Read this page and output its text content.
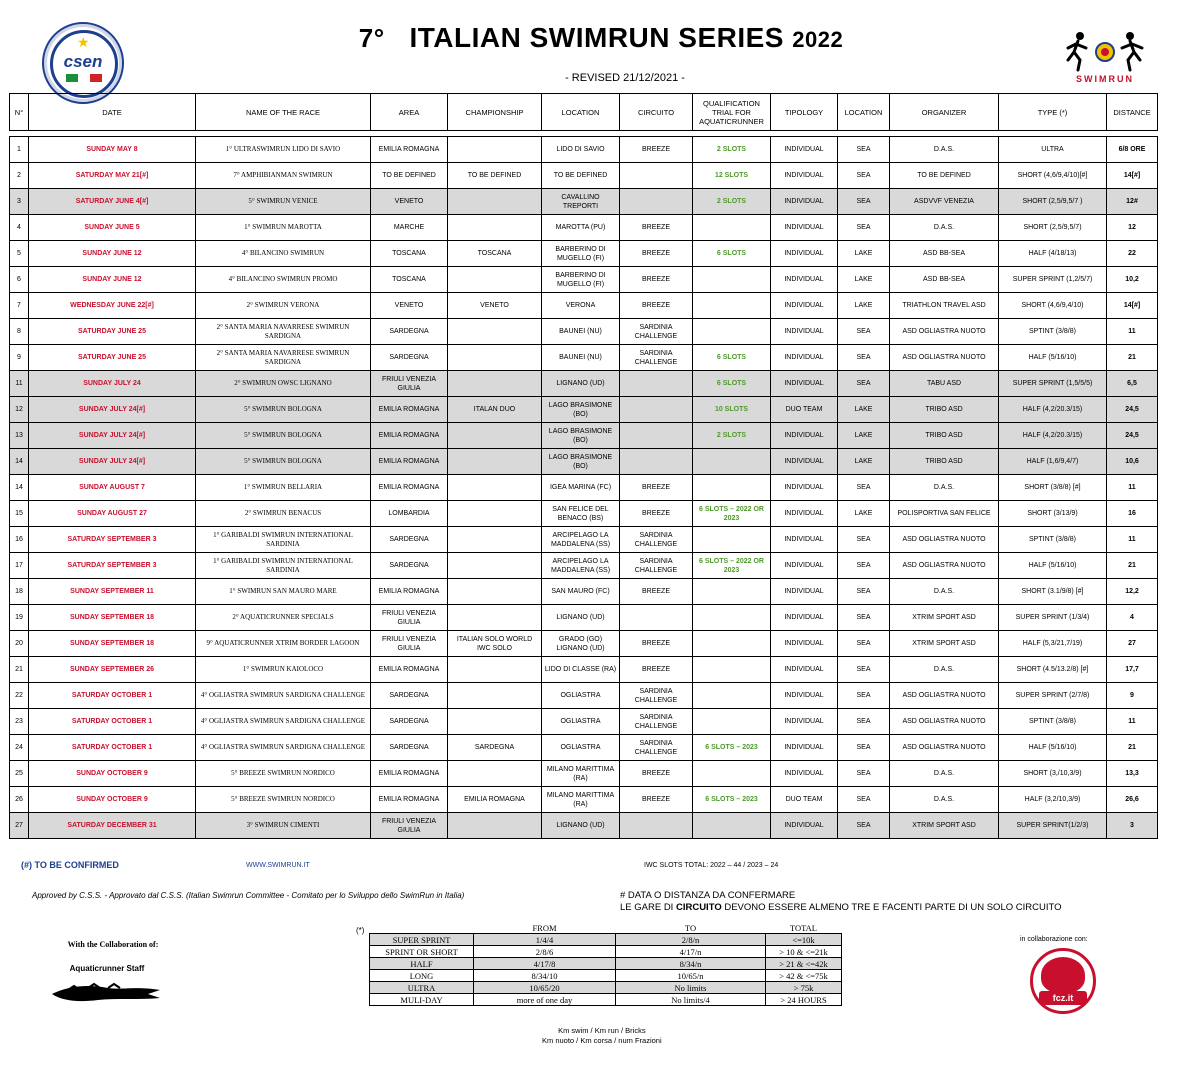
★
csen
7° ITALIAN SWIMRUN SERIES 2022
- REVISED 21/12/2021 -	SWIMRUN
N°	DATE	NAME OF THE RACE	AREA	CHAMPIONSHIP	LOCATION	CIRCUITO	QUALIFICATION TRIAL FOR AQUATICRUNNER	TIPOLOGY	LOCATION	ORGANIZER	TYPE (*)	DISTANCE

1	SUNDAY MAY 8	1° ULTRASWIMRUN LIDO DI SAVIO	EMILIA ROMAGNA		LIDO DI SAVIO	BREEZE	2 SLOTS	INDIVIDUAL	SEA	D.A.S.	ULTRA	6/8 ORE
2	SATURDAY MAY 21[#]	7° AMPHIBIANMAN SWIMRUN	TO BE DEFINED	TO BE DEFINED	TO BE DEFINED		12 SLOTS	INDIVIDUAL	SEA	TO BE DEFINED	SHORT (4,6/9,4/10)[#]	14[#]
3	SATURDAY JUNE 4[#]	5° SWIMRUN VENICE	VENETO		CAVALLINO TREPORTI		2 SLOTS	INDIVIDUAL	SEA	ASDVVF VENEZIA	SHORT (2,5/9,5/7 )	12#
4	SUNDAY JUNE 5	1° SWIMRUN MAROTTA	MARCHE		MAROTTA (PU)	BREEZE		INDIVIDUAL	SEA	D.A.S.	SHORT (2,5/9,5/7)	12
5	SUNDAY JUNE 12	4° BILANCINO SWIMRUN	TOSCANA	TOSCANA	BARBERINO DI MUGELLO (FI)	BREEZE	6 SLOTS	INDIVIDUAL	LAKE	ASD BB-SEA	HALF (4/18/13)	22
6	SUNDAY JUNE 12	4° BILANCINO SWIMRUN PROMO	TOSCANA		BARBERINO DI MUGELLO (FI)	BREEZE		INDIVIDUAL	LAKE	ASD BB-SEA	SUPER SPRINT (1,2/5/7)	10,2
7	WEDNESDAY JUNE 22[#]	2° SWIMRUN VERONA	VENETO	VENETO	VERONA	BREEZE		INDIVIDUAL	LAKE	TRIATHLON TRAVEL ASD	SHORT (4,6/9,4/10)	14[#]
8	SATURDAY JUNE 25	2° SANTA MARIA NAVARRESE SWIMRUN SARDIGNA	SARDEGNA		BAUNEI (NU)	SARDINIA CHALLENGE		INDIVIDUAL	SEA	ASD OGLIASTRA NUOTO	SPTINT (3/8/8)	11
9	SATURDAY JUNE 25	2° SANTA MARIA NAVARRESE SWIMRUN SARDIGNA	SARDEGNA		BAUNEI (NU)	SARDINIA CHALLENGE	6 SLOTS	INDIVIDUAL	SEA	ASD OGLIASTRA NUOTO	HALF (5/16/10)	21
11	SUNDAY JULY 24	2° SWIMRUN OWSC LIGNANO	FRIULI VENEZIA GIULIA		LIGNANO (UD)		6 SLOTS	INDIVIDUAL	SEA	TABU ASD	SUPER SPRINT (1,5/5/5)	6,5
12	SUNDAY JULY 24[#]	5° SWIMRUN BOLOGNA	EMILIA ROMAGNA	ITALAN DUO	LAGO BRASIMONE (BO)		10 SLOTS	DUO TEAM	LAKE	TRIBO ASD	HALF (4,2/20.3/15)	24,5
13	SUNDAY JULY 24[#]	5° SWIMRUN BOLOGNA	EMILIA ROMAGNA		LAGO BRASIMONE (BO)		2 SLOTS	INDIVIDUAL	LAKE	TRIBO ASD	HALF (4,2/20.3/15)	24,5
14	SUNDAY JULY 24[#]	5° SWIMRUN BOLOGNA	EMILIA ROMAGNA		LAGO BRASIMONE (BO)			INDIVIDUAL	LAKE	TRIBO ASD	HALF (1,6/9,4/7)	10,6
14	SUNDAY AUGUST 7	1° SWIMRUN BELLARIA	EMILIA ROMAGNA		IGEA MARINA (FC)	BREEZE		INDIVIDUAL	SEA	D.A.S.	SHORT (3/8/8) [#]	11
15	SUNDAY AUGUST 27	2° SWIMRUN BENACUS	LOMBARDIA		SAN FELICE DEL BENACO (BS)	BREEZE	6 SLOTS – 2022 OR 2023	INDIVIDUAL	LAKE	POLISPORTIVA SAN FELICE	SHORT (3/13/9)	16
16	SATURDAY SEPTEMBER 3	1° GARIBALDI SWIMRUN INTERNATIONAL SARDINIA	SARDEGNA		ARCIPELAGO LA MADDALENA (SS)	SARDINIA CHALLENGE		INDIVIDUAL	SEA	ASD OGLIASTRA NUOTO	SPTINT (3/8/8)	11
17	SATURDAY SEPTEMBER 3	1° GARIBALDI SWIMRUN INTERNATIONAL SARDINIA	SARDEGNA		ARCIPELAGO LA MADDALENA (SS)	SARDINIA CHALLENGE	6 SLOTS – 2022 OR 2023	INDIVIDUAL	SEA	ASD OGLIASTRA NUOTO	HALF (5/16/10)	21
18	SUNDAY SEPTEMBER 11	1° SWIMRUN SAN MAURO MARE	EMILIA ROMAGNA		SAN MAURO (FC)	BREEZE		INDIVIDUAL	SEA	D.A.S.	SHORT (3.1/9/8) [#]	12,2
19	SUNDAY SEPTEMBER 18	2° AQUATICRUNNER SPECIALS	FRIULI VENEZIA GIULIA		LIGNANO (UD)			INDIVIDUAL	SEA	XTRIM SPORT ASD	SUPER SPRINT (1/3/4)	4
20	SUNDAY SEPTEMBER 18	9° AQUATICRUNNER XTRIM BORDER LAGOON	FRIULI VENEZIA GIULIA	ITALIAN SOLO WORLD IWC SOLO	GRADO (GO) LIGNANO (UD)	BREEZE		INDIVIDUAL	SEA	XTRIM SPORT ASD	HALF (5,3/21,7/19)	27
21	SUNDAY SEPTEMBER 26	1° SWIMRUN KAIOLOCO	EMILIA ROMAGNA		LIDO DI CLASSE (RA)	BREEZE		INDIVIDUAL	SEA	D.A.S.	SHORT (4.5/13.2/8) [#]	17,7
22	SATURDAY OCTOBER 1	4° OGLIASTRA SWIMRUN SARDIGNA CHALLENGE	SARDEGNA		OGLIASTRA	SARDINIA CHALLENGE		INDIVIDUAL	SEA	ASD OGLIASTRA NUOTO	SUPER SPRINT (2/7/8)	9
23	SATURDAY OCTOBER 1	4° OGLIASTRA SWIMRUN SARDIGNA CHALLENGE	SARDEGNA		OGLIASTRA	SARDINIA CHALLENGE		INDIVIDUAL	SEA	ASD OGLIASTRA NUOTO	SPTINT (3/8/8)	11
24	SATURDAY OCTOBER 1	4° OGLIASTRA SWIMRUN SARDIGNA CHALLENGE	SARDEGNA	SARDEGNA	OGLIASTRA	SARDINIA CHALLENGE	6 SLOTS – 2023	INDIVIDUAL	SEA	ASD OGLIASTRA NUOTO	HALF (5/16/10)	21
25	SUNDAY OCTOBER 9	5° BREEZE SWIMRUN NORDICO	EMILIA ROMAGNA		MILANO MARITTIMA (RA)	BREEZE		INDIVIDUAL	SEA	D.A.S.	SHORT (3,/10,3/9)	13,3
26	SUNDAY OCTOBER 9	5° BREEZE SWIMRUN NORDICO	EMILIA ROMAGNA	EMILIA ROMAGNA	MILANO MARITTIMA (RA)	BREEZE	6 SLOTS – 2023	DUO TEAM	SEA	D.A.S.	HALF (3,2/10,3/9)	26,6
27	SATURDAY DECEMBER 31	3° SWIMRUN CIMENTI	FRIULI VENEZIA GIULIA		LIGNANO (UD)			INDIVIDUAL	SEA	XTRIM SPORT ASD	SUPER SPRINT(1/2/3)	3
(#) TO BE CONFIRMED	WWW.SWIMRUN.IT	IWC SLOTS TOTAL: 2022 – 44 / 2023 – 24
Approved by C.S.S. - Approvato dal C.S.S. (Italian Swimrun Committee - Comitato per lo Sviluppo dello SwimRun in Italia)	# DATA O DISTANZA DA CONFERMARE
LE GARE DI CIRCUITO DEVONO ESSERE ALMENO TRE E FACENTI PARTE DI UN SOLO CIRCUITO
With the Collaboration of:
Aquaticrunner Staff
(*)
		FROM	TO	TOTAL
SUPER SPRINT	1/4/4	2/8/n	<=10k
SPRINT OR SHORT	2/8/6	4/17/n	> 10 & <=21k
HALF	4/17/8	8/34/n	> 21 & <=42k
LONG	8/34/10	10/65/n	> 42 & <=75k
ULTRA	10/65/20	No limits	> 75k
MULI-DAY	more of one day	No limits/4	> 24 HOURS
Km swim / Km run / Bricks
Km nuoto / Km corsa / num Frazioni
in collaborazione con:
fcz.it
